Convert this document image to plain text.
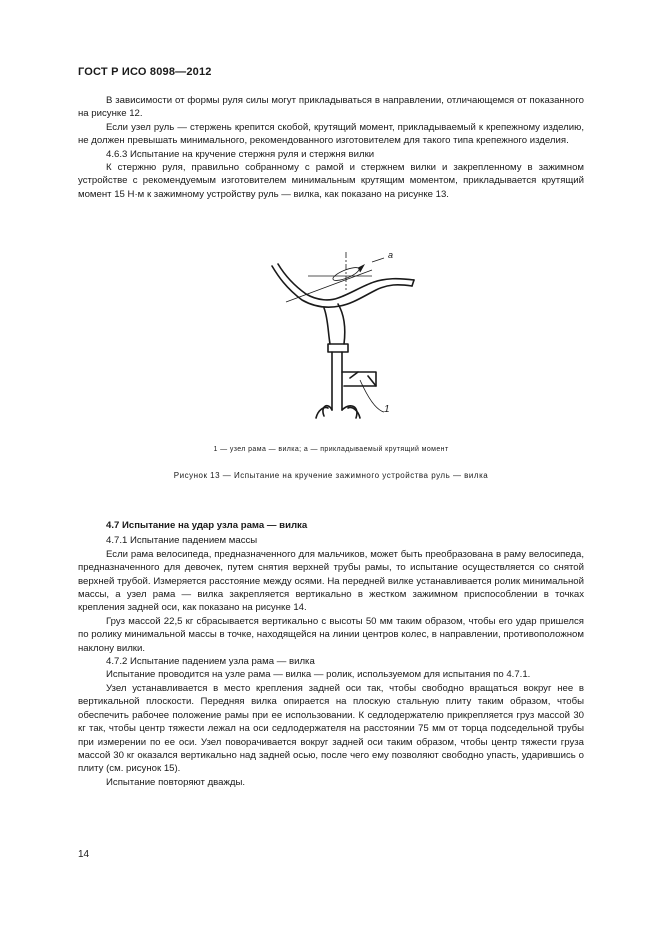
ГОСТ Р ИСО 8098—2012

В зависимости от формы руля силы могут прикладываться в направлении, отличающемся от показанного на рисунке 12.

Если узел руль — стержень крепится скобой, крутящий момент, прикладываемый к крепежному изделию, не должен превышать минимального, рекомендованного изготовителем для такого типа крепежного изделия.

4.6.3 Испытание на кручение стержня руля и стержня вилки

К стержню руля, правильно собранному с рамой и стержнем вилки и закрепленному в зажимном устройстве с рекомендуемым изготовителем минимальным крутящим моментом, прикладывается крутящий момент 15 Н·м к зажимному устройству руль — вилка, как показано на рисунке 13.

a
1
1 — узел рама — вилка; a — прикладываемый крутящий момент
Рисунок 13 — Испытание на кручение зажимного устройства руль — вилка

4.7 Испытание на удар узла рама — вилка

4.7.1 Испытание падением массы

Если рама велосипеда, предназначенного для мальчиков, может быть преобразована в раму велосипеда, предназначенного для девочек, путем снятия верхней трубы рамы, то испытание осуществляется со снятой верхней трубой. Измеряется расстояние между осями. На передней вилке устанавливается ролик минимальной массы, а узел рама — вилка закрепляется вертикально в жестком зажимном приспособлении в точках крепления задней оси, как показано на рисунке 14.

Груз массой 22,5 кг сбрасывается вертикально с высоты 50 мм таким образом, чтобы его удар пришелся по ролику минимальной массы в точке, находящейся на линии центров колес, в направлении, противоположном наклону вилки.

4.7.2 Испытание падением узла рама — вилка

Испытание проводится на узле рама — вилка — ролик, используемом для испытания по 4.7.1.

Узел устанавливается в место крепления задней оси так, чтобы свободно вращаться вокруг нее в вертикальной плоскости. Передняя вилка опирается на плоскую стальную плиту таким образом, чтобы обеспечить рабочее положение рамы при ее использовании. К седлодержателю прикрепляется груз массой 30 кг так, чтобы центр тяжести лежал на оси седлодержателя на расстоянии 75 мм от торца подседельной трубы при измерении по ее оси. Узел поворачивается вокруг задней оси таким образом, чтобы центр тяжести груза массой 30 кг оказался вертикально над задней осью, после чего ему позволяют свободно упасть, ударившись о плиту (см. рисунок 15).

Испытание повторяют дважды.

14
